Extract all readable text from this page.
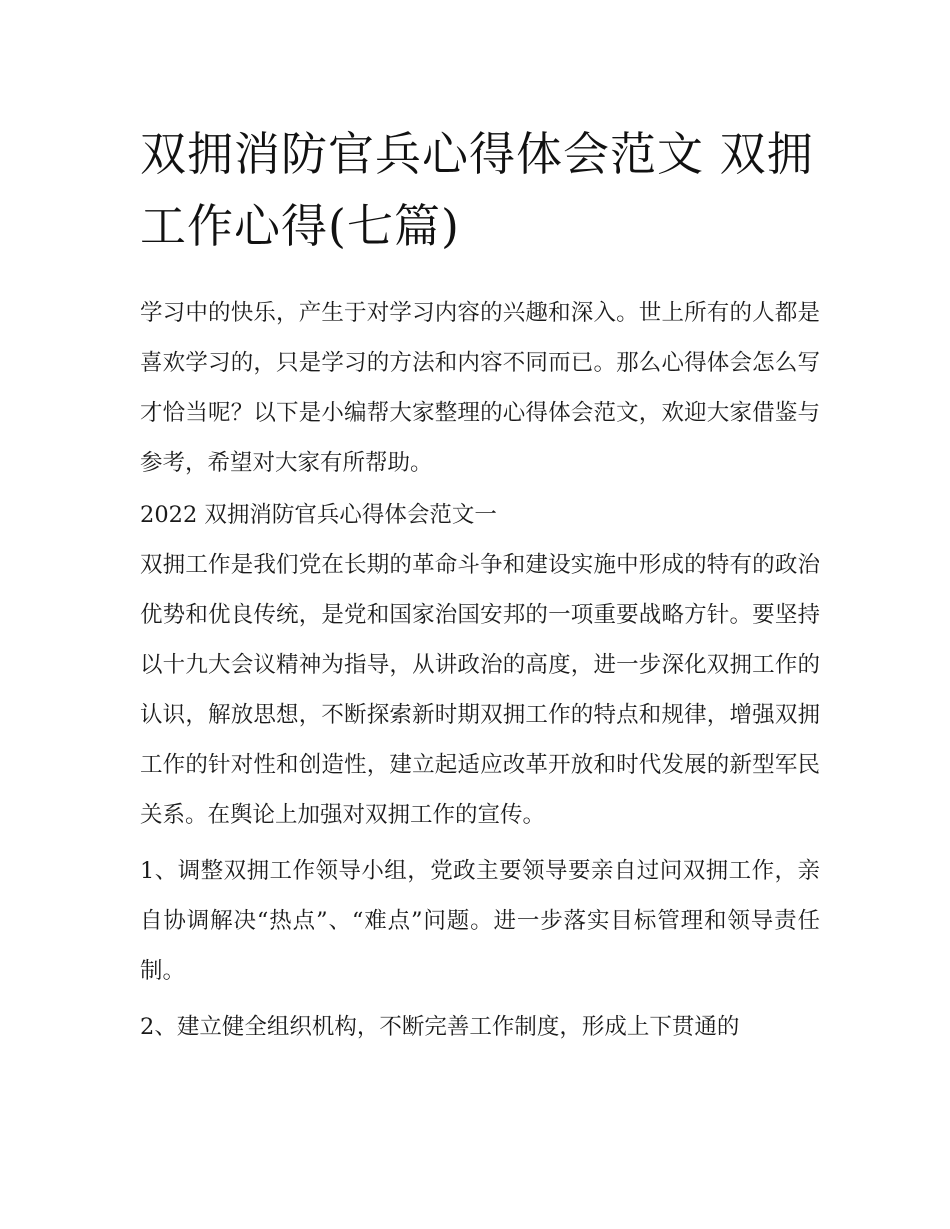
双拥消防官兵心得体会范文 双拥工作心得(七篇)

学习中的快乐，产生于对学习内容的兴趣和深入。世上所有的人都是喜欢学习的，只是学习的方法和内容不同而已。那么心得体会怎么写才恰当呢？以下是小编帮大家整理的心得体会范文，欢迎大家借鉴与参考，希望对大家有所帮助。

2022 双拥消防官兵心得体会范文一

双拥工作是我们党在长期的革命斗争和建设实施中形成的特有的政治优势和优良传统，是党和国家治国安邦的一项重要战略方针。要坚持以十九大会议精神为指导，从讲政治的高度，进一步深化双拥工作的认识，解放思想，不断探索新时期双拥工作的特点和规律，增强双拥工作的针对性和创造性，建立起适应改革开放和时代发展的新型军民关系。在舆论上加强对双拥工作的宣传。

1、调整双拥工作领导小组，党政主要领导要亲自过问双拥工作，亲自协调解决“热点”、“难点”问题。进一步落实目标管理和领导责任制。

2、建立健全组织机构，不断完善工作制度，形成上下贯通的
